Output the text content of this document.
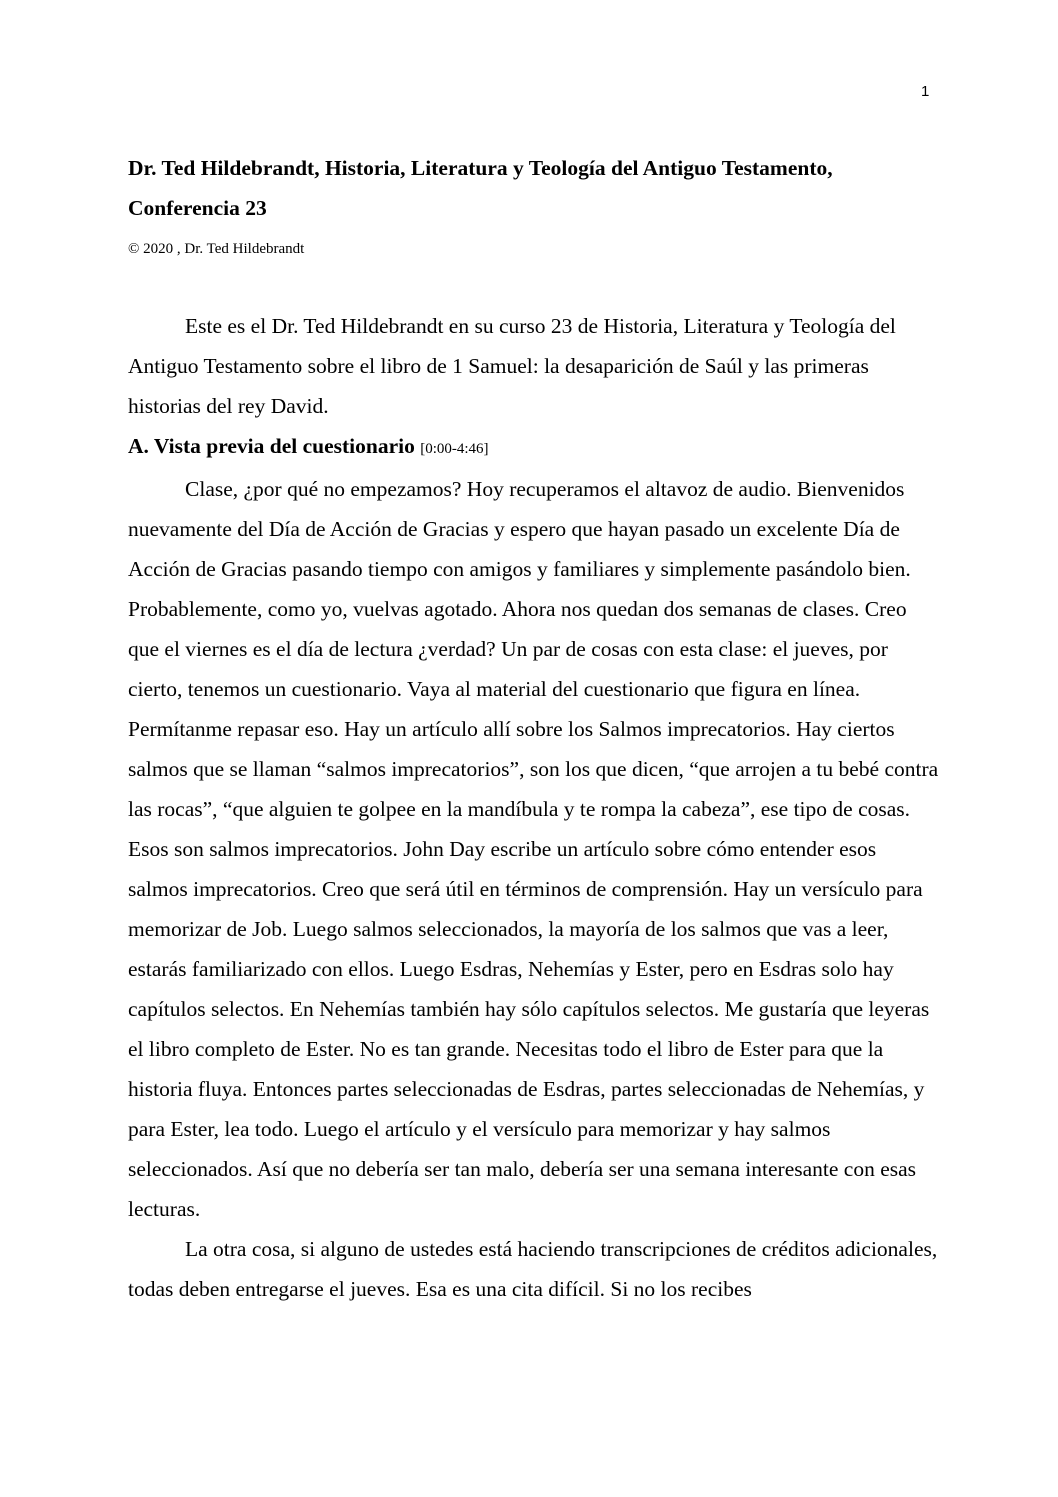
1
Dr. Ted Hildebrandt, Historia, Literatura y Teología del Antiguo Testamento, Conferencia 23
© 2020 , Dr. Ted Hildebrandt

Este es el Dr. Ted Hildebrandt en su curso 23 de Historia, Literatura y Teología del Antiguo Testamento sobre el libro de 1 Samuel: la desaparición de Saúl y las primeras historias del rey David.

A. Vista previa del cuestionario [0:00-4:46]

Clase, ¿por qué no empezamos? Hoy recuperamos el altavoz de audio. Bienvenidos nuevamente del Día de Acción de Gracias y espero que hayan pasado un excelente Día de Acción de Gracias pasando tiempo con amigos y familiares y simplemente pasándolo bien. Probablemente, como yo, vuelvas agotado. Ahora nos quedan dos semanas de clases. Creo que el viernes es el día de lectura ¿verdad? Un par de cosas con esta clase: el jueves, por cierto, tenemos un cuestionario. Vaya al material del cuestionario que figura en línea. Permítanme repasar eso. Hay un artículo allí sobre los Salmos imprecatorios. Hay ciertos salmos que se llaman “salmos imprecatorios”, son los que dicen, “que arrojen a tu bebé contra las rocas”, “que alguien te golpee en la mandíbula y te rompa la cabeza”, ese tipo de cosas. Esos son salmos imprecatorios. John Day escribe un artículo sobre cómo entender esos salmos imprecatorios. Creo que será útil en términos de comprensión. Hay un versículo para memorizar de Job. Luego salmos seleccionados, la mayoría de los salmos que vas a leer, estarás familiarizado con ellos. Luego Esdras, Nehemías y Ester, pero en Esdras solo hay capítulos selectos. En Nehemías también hay sólo capítulos selectos. Me gustaría que leyeras el libro completo de Ester. No es tan grande. Necesitas todo el libro de Ester para que la historia fluya. Entonces partes seleccionadas de Esdras, partes seleccionadas de Nehemías, y para Ester, lea todo. Luego el artículo y el versículo para memorizar y hay salmos seleccionados. Así que no debería ser tan malo, debería ser una semana interesante con esas lecturas.

La otra cosa, si alguno de ustedes está haciendo transcripciones de créditos adicionales, todas deben entregarse el jueves. Esa es una cita difícil. Si no los recibes
